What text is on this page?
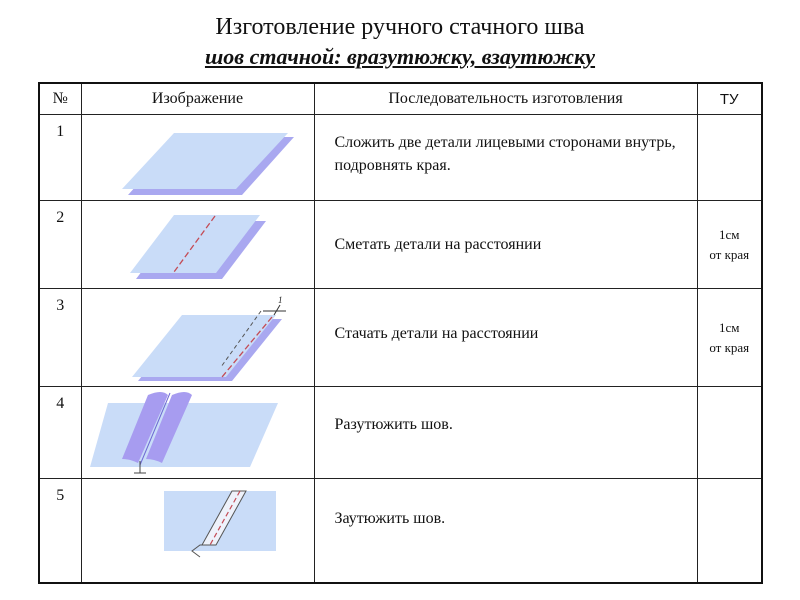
Изготовление ручного стачного шва
шов стачной: вразутюжку, взаутюжку
№	Изображение	Последовательность изготовления	ТУ
1		Сложить две детали лицевыми сторонами внутрь, подровнять края.	
2		Сметать детали на расстоянии	1см
от края

3	1	Стачать детали на расстоянии	1см
от края

4		Разутюжить шов.	
5		Заутюжить шов.	
